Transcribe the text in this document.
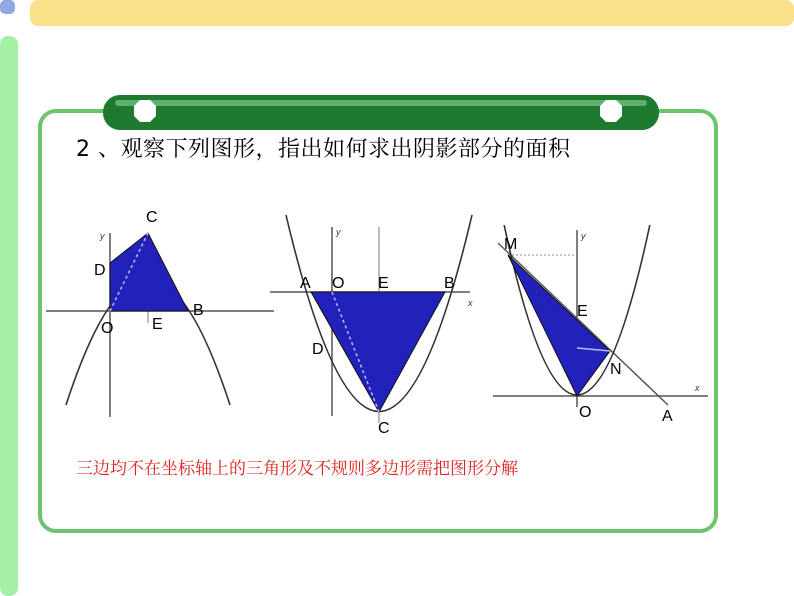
2 、观察下列图形，指出如何求出阴影部分的面积
y
C
D
B
O E
x
y
A O E	B
D
C
x
y
M
E
N
O	A
三边均不在坐标轴上的三角形及不规则多边形需把图形分解
